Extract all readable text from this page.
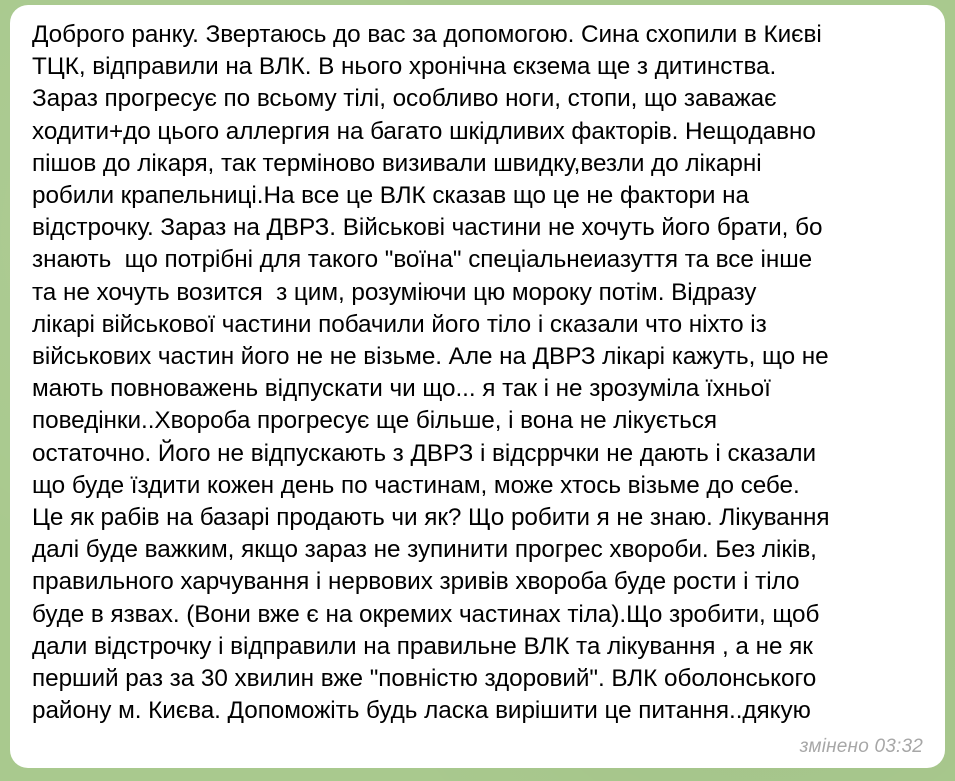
Доброго ранку. Звертаюсь до вас за допомогою. Сина схопили в Києві
ТЦК, відправили на ВЛК. В нього хронічна єкзема ще з дитинства.
Зараз прогресує по всьому тілі, особливо ноги, стопи, що заважає
ходити+до цього аллергия на багато шкідливих факторів. Нещодавно
пішов до лікаря, так терміново визивали швидку,везли до лікарні
робили крапельниці.На все це ВЛК сказав що це не фактори на
відстрочку. Зараз на ДВРЗ. Військові частини не хочуть його брати, бо
знають  що потрібні для такого "воїна" спеціальнеиазуття та все інше
та не хочуть возится  з цим, розуміючи цю мороку потім. Відразу
лікарі військової частини побачили його тіло і сказали что ніхто із
військових частин його не не візьме. Але на ДВРЗ лікарі кажуть, що не
мають повноважень відпускати чи що... я так і не зрозуміла їхньої
поведінки..Хвороба прогресує ще більше, і вона не лікується
остаточно. Його не відпускають з ДВРЗ і відсррчки не дають і сказали
що буде їздити кожен день по частинам, може хтось візьме до себе.
Це як рабів на базарі продають чи як? Що робити я не знаю. Лікування
далі буде важким, якщо зараз не зупинити прогрес хвороби. Без ліків,
правильного харчування і нервових зривів хвороба буде рости і тіло
буде в язвах. (Вони вже є на окремих частинах тіла).Що зробити, щоб
дали відстрочку і відправили на правильне ВЛК та лікування , а не як
перший раз за 30 хвилин вже "повністю здоровий". ВЛК оболонського
району м. Києва. Допоможіть будь ласка вирішити це питання..дякую

змінено 03:32
